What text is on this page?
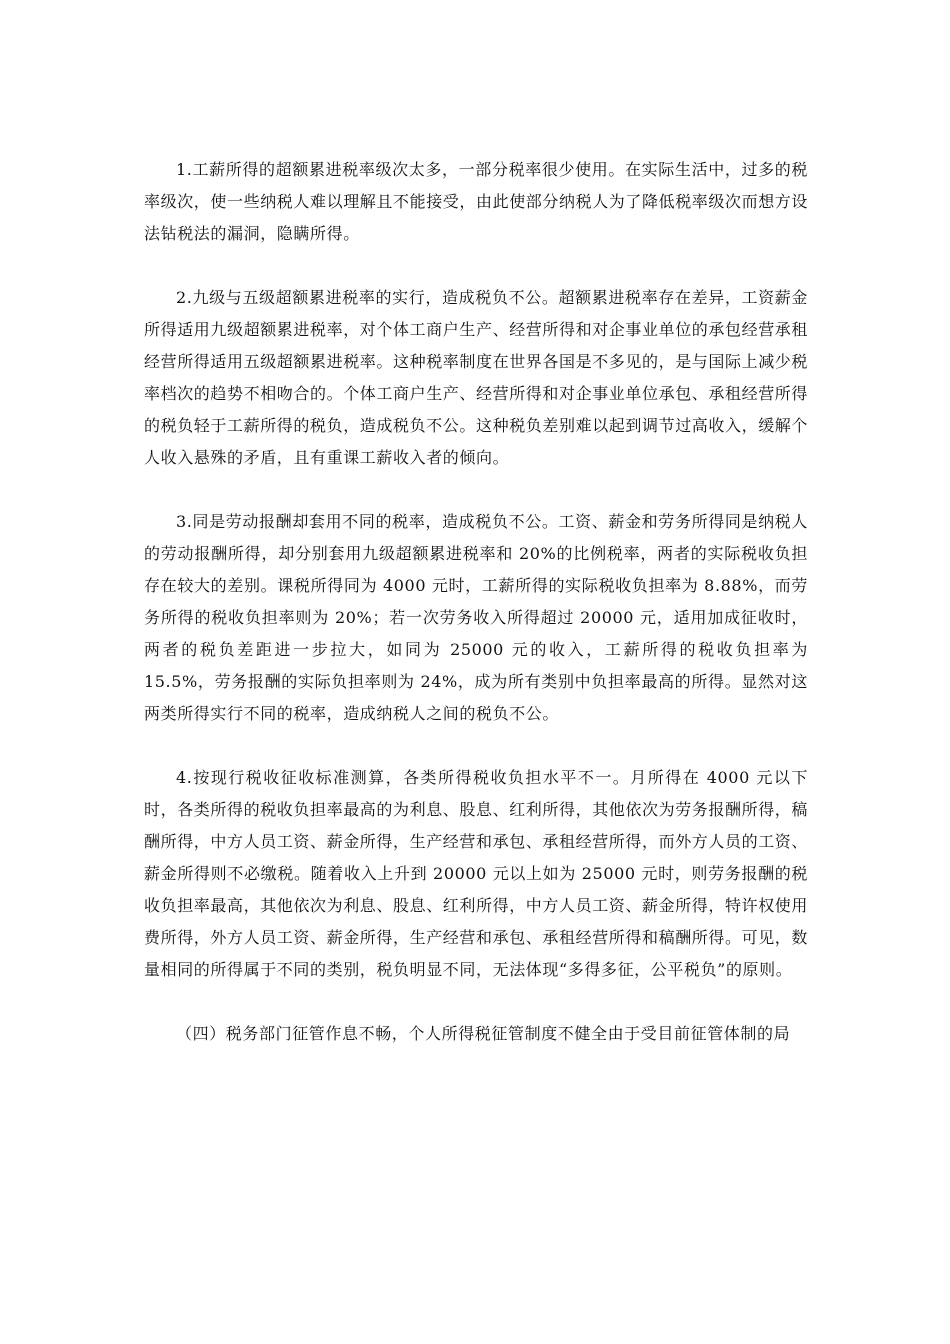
1.工薪所得的超额累进税率级次太多，一部分税率很少使用。在实际生活中，过多的税率级次，使一些纳税人难以理解且不能接受，由此使部分纳税人为了降低税率级次而想方设法钻税法的漏洞，隐瞒所得。

2.九级与五级超额累进税率的实行，造成税负不公。超额累进税率存在差异，工资薪金所得适用九级超额累进税率，对个体工商户生产、经营所得和对企事业单位的承包经营承租经营所得适用五级超额累进税率。这种税率制度在世界各国是不多见的，是与国际上减少税率档次的趋势不相吻合的。个体工商户生产、经营所得和对企事业单位承包、承租经营所得的税负轻于工薪所得的税负，造成税负不公。这种税负差别难以起到调节过高收入，缓解个人收入悬殊的矛盾，且有重课工薪收入者的倾向。

3.同是劳动报酬却套用不同的税率，造成税负不公。工资、薪金和劳务所得同是纳税人的劳动报酬所得，却分别套用九级超额累进税率和 20%的比例税率，两者的实际税收负担存在较大的差别。课税所得同为 4000 元时，工薪所得的实际税收负担率为 8.88%，而劳务所得的税收负担率则为 20%；若一次劳务收入所得超过 20000 元，适用加成征收时，两者的税负差距进一步拉大，如同为 25000 元的收入，工薪所得的税收负担率为 15.5%，劳务报酬的实际负担率则为 24%，成为所有类别中负担率最高的所得。显然对这两类所得实行不同的税率，造成纳税人之间的税负不公。

4.按现行税收征收标准测算，各类所得税收负担水平不一。月所得在 4000 元以下时，各类所得的税收负担率最高的为利息、股息、红利所得，其他依次为劳务报酬所得，稿酬所得，中方人员工资、薪金所得，生产经营和承包、承租经营所得，而外方人员的工资、薪金所得则不必缴税。随着收入上升到 20000 元以上如为 25000 元时，则劳务报酬的税收负担率最高，其他依次为利息、股息、红利所得，中方人员工资、薪金所得，特许权使用费所得，外方人员工资、薪金所得，生产经营和承包、承租经营所得和稿酬所得。可见，数量相同的所得属于不同的类别，税负明显不同，无法体现“多得多征，公平税负”的原则。

（四）税务部门征管作息不畅，个人所得税征管制度不健全由于受目前征管体制的局
